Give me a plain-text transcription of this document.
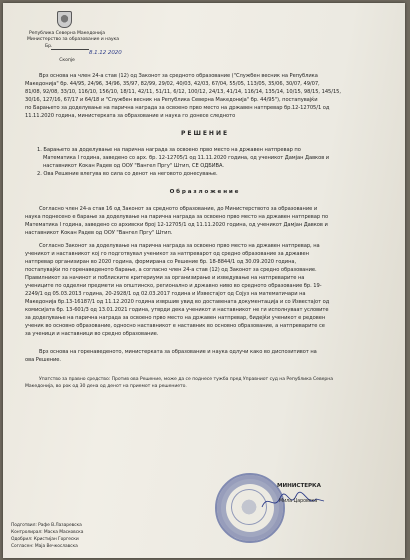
Република Северна Македонија
Министерство за образование и наука
Бр.
8.1.12 2020
Скопје
Врз основа на член 24-а став (12) од Законот за средното образование ("Службен весник на Република
Македонија" бр. 44/95, 24/96, 34/96, 35/97, 82/99, 29/02, 40/03, 42/03, 67/04, 55/05, 113/05, 35/06, 30/07, 49/07,
81/08, 92/08, 33/10, 116/10, 156/10, 18/11, 42/11, 51/11, 6/12, 100/12, 24/13, 41/14, 116/14, 135/14, 10/15, 98/15, 145/15,
30/16, 127/16, 67/17 и 64/18 и "Службен весник на Република Северна Македонија" бр. 44/95"), постапувајќи
по Барањето за доделување на парична награда за освоено прво место на државен натпревар бр.12-12705/1 од
11.11.2020 година, министерката за образование и наука го донесе следното
Р Е Ш Е Н И Е
1. Барањето за доделување на парична награда за освоено прво место на државен натпревар по
Математика I година, заведено со арх. бр. 12-12705/1 од 11.11.2020 година, од ученикот Дамјан Давков и
наставникот Кокан Радев од ООУ "Вангел Пргу" Штип, СЕ ОДБИВА.
2. Ова Решение влегува во сила со денот на неговото донесување.
О б р а з л о ж е н и е
Согласно член 24-а став 16 од Законот за средното образование, до Министерството за образование и
наука поднесено е барање за доделување на парична награда за освоено прво место на државен натпревар по
Математика I година, заведено со архивски број 12-12705/1 од 11.11.2020 година, од ученикот Дамјан Давков и
наставникот Кокан Радев од ООУ "Вангел Пргу" Штип.
Согласно Законот за доделување на парична награда за освоено прво место на државен натпревар, на
ученикот и наставникот кој го подготвувал ученикот за натпреварот од средно образование за државен
натпревар организиран во 2020 година, формирана со Решение бр. 18-8844/1 од 30.09.2020 година,
постапувајќи по горенаведеното барање, а согласно член 24-а став (12) од Законот за средно образование.
Правилникот за начинот и поблиските критериуми за организирање и изведување на натпреварите на
учениците по одделни предмети на општинско, регионално и државно ниво во средното образование бр. 19-
2249/1 од 05.03.2013 година, 20-2928/1 од 02.03.2017 година и Известајот од Сојуз на математичари на
Македонија бр.13-16187/1 од 11.12.2020 година извршив увид во доставената документација и со Известајот од
комисијата бр. 13-601/3 од 13.01.2021 година, утврди дека ученикот и наставникот не ги исполнуваат условите
за доделување на парична награда за освоено прво место на државен натпревар, бидејќи ученикот е редовен
ученик во основно образование, односно наставникот е наставник во основно образование, а натпреварите се
за ученици и наставници во средно образование.
Врз основа на горенаведеното, министерката за образование и наука одлучи како во диспозитивот на
ова Решение.
Упатство за правно средство: Против ова Решение, може да се поднесе тужба пред Управниот суд на Република Северна
Македонија, во рок од 30 дена од денот на приемот на решението.
МИНИСТЕРКА
Мила Царовска
Подготвил: Рафе В.Лазаревска
Контролирал: Маска Масковска
Одобрил: Кристијан Горгески
Согласен: Маја Вечкославска
